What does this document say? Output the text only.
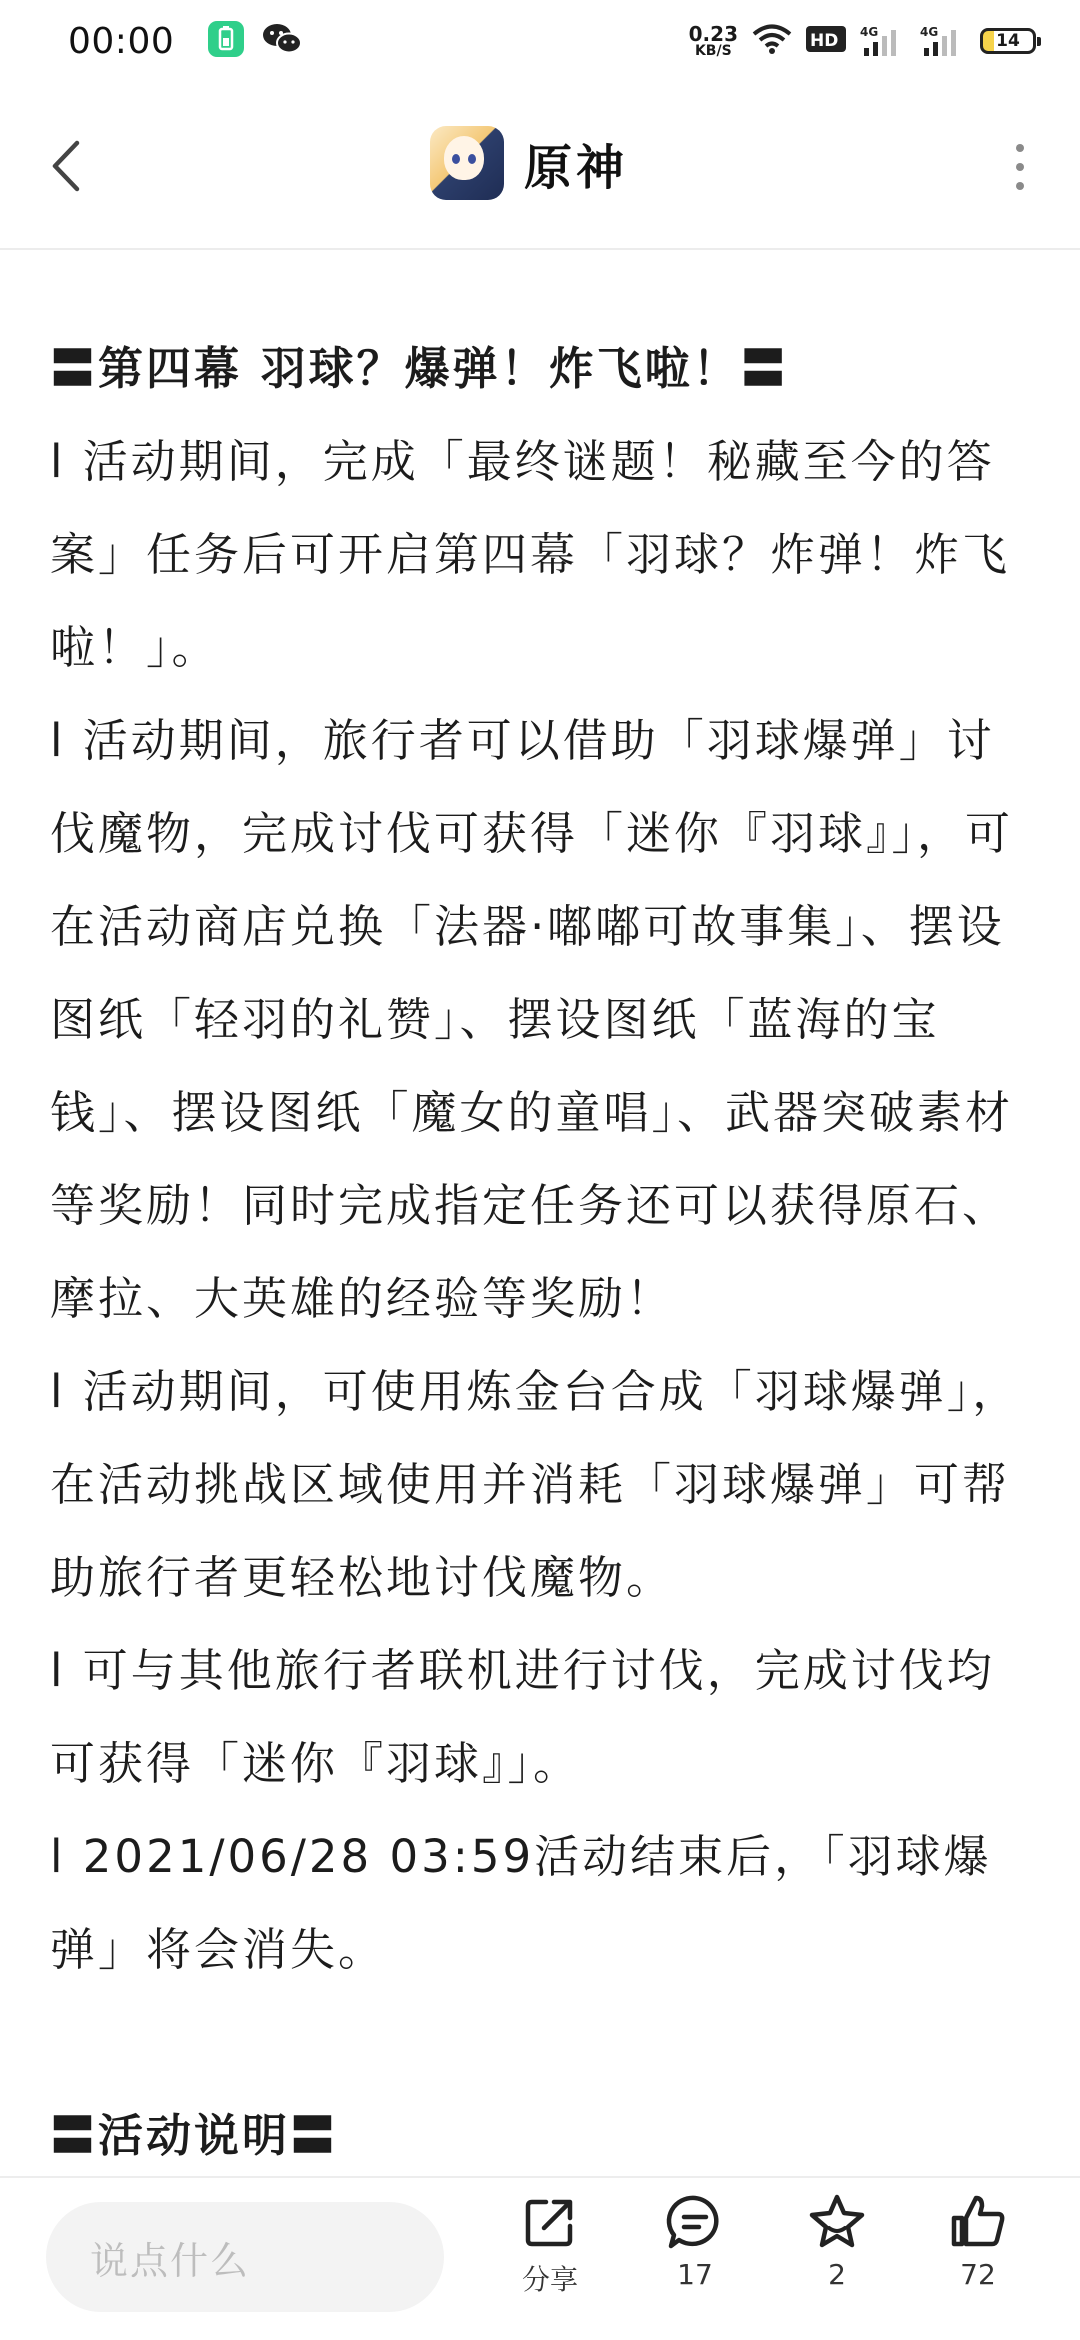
00:00	0.23
KB/S	HD 4G	4G	14
原神

〓第四幕 羽球？爆弹！炸飞啦！〓

l 活动期间，完成「最终谜题！秘藏至今的答案」任务后可开启第四幕「羽球？炸弹！炸飞啦！」。

l 活动期间，旅行者可以借助「羽球爆弹」讨伐魔物，完成讨伐可获得「迷你『羽球』」，可在活动商店兑换「法器·嘟嘟可故事集」、摆设图纸「轻羽的礼赞」、摆设图纸「蓝海的宝钱」、摆设图纸「魔女的童唱」、武器突破素材等奖励！同时完成指定任务还可以获得原石、摩拉、大英雄的经验等奖励！

l 活动期间，可使用炼金台合成「羽球爆弹」，在活动挑战区域使用并消耗「羽球爆弹」可帮助旅行者更轻松地讨伐魔物。

l 可与其他旅行者联机进行讨伐，完成讨伐均可获得「迷你『羽球』」。

l 2021/06/28 03:59活动结束后，「羽球爆弹」将会消失。

〓活动说明〓

说点什么	分享	17	2	72
